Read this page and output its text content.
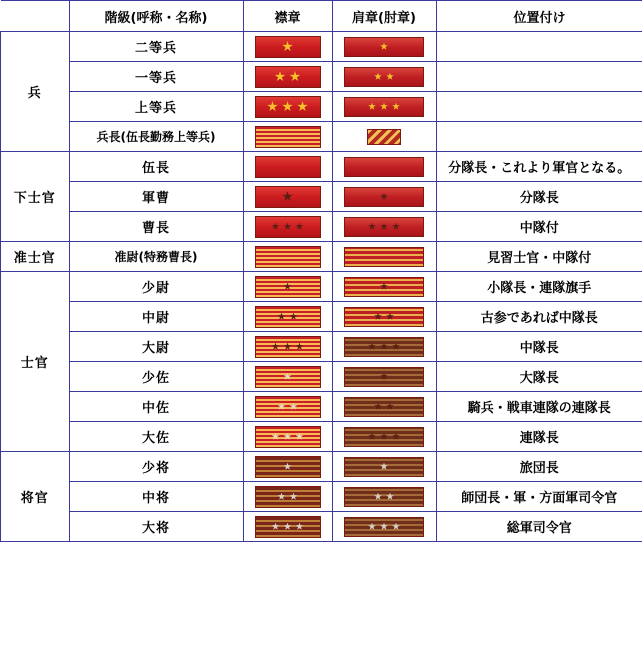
	階級(呼称・名称)	襟章	肩章(肘章)	位置付け
兵	二等兵	

	一等兵	

	上等兵	

	兵長(伍長勤務上等兵)			
下士官	伍長			分隊長・これより軍官となる。
	軍曹			分隊長
	曹長			中隊付
准士官	准尉(特務曹長)			見習士官・中隊付

士官	少尉			小隊長・連隊旗手
	中尉			古参であれば中隊長
	大尉			中隊長
	少佐			大隊長
	中佐			騎兵・戦車連隊の連隊長
	大佐			連隊長
将官	少将			旅団長
	中将			師団長・軍・方面軍司令官
	大将			総軍司令官
